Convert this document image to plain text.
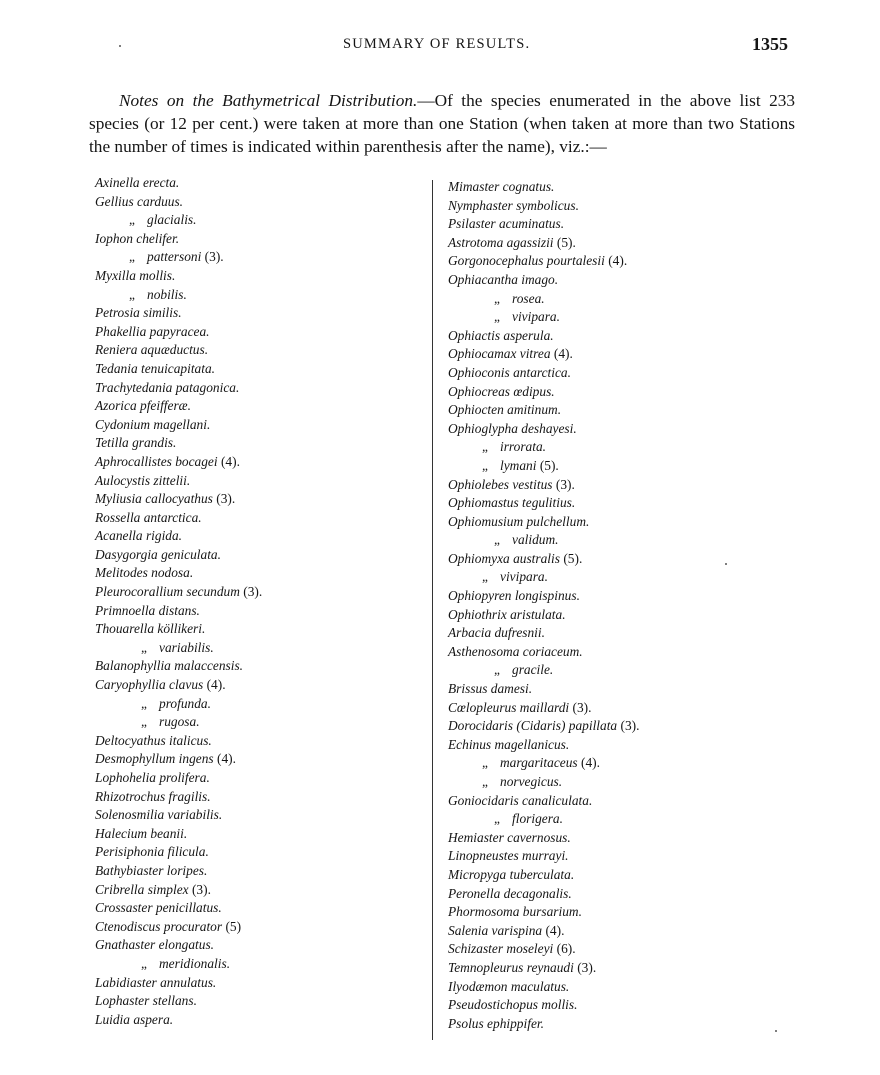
SUMMARY OF RESULTS.	1355

Notes on the Bathymetrical Distribution.—Of the species enumerated in the above list 233 species (or 12 per cent.) were taken at more than one Station (when taken at more than two Stations the number of times is indicated within parenthesis after the name), viz.:—

Axinella erecta.
Gellius carduus.
„ glacialis.
Iophon chelifer.
„ pattersoni (3).
Myxilla mollis.
„ nobilis.
Petrosia similis.
Phakellia papyracea.
Reniera aquæductus.
Tedania tenuicapitata.
Trachytedania patagonica.
Azorica pfeifferæ.
Cydonium magellani.
Tetilla grandis.
Aphrocallistes bocagei (4).
Aulocystis zittelii.
Myliusia callocyathus (3).
Rossella antarctica.
Acanella rigida.
Dasygorgia geniculata.
Melitodes nodosa.
Pleurocorallium secundum (3).
Primnoella distans.
Thouarella köllikeri.
„ variabilis.
Balanophyllia malaccensis.
Caryophyllia clavus (4).
„ profunda.
„ rugosa.
Deltocyathus italicus.
Desmophyllum ingens (4).
Lophohelia prolifera.
Rhizotrochus fragilis.
Solenosmilia variabilis.
Halecium beanii.
Perisiphonia filicula.
Bathybiaster loripes.
Cribrella simplex (3).
Crossaster penicillatus.
Ctenodiscus procurator (5)
Gnathaster elongatus.
„ meridionalis.
Labidiaster annulatus.
Lophaster stellans.
Luidia aspera.
Mimaster cognatus.
Nymphaster symbolicus.
Psilaster acuminatus.
Astrotoma agassizii (5).
Gorgonocephalus pourtalesii (4).
Ophiacantha imago.
„ rosea.
„ vivipara.
Ophiactis asperula.
Ophiocamax vitrea (4).
Ophioconis antarctica.
Ophiocreas œdipus.
Ophiocten amitinum.
Ophioglypha deshayesi.
„ irrorata.
„ lymani (5).
Ophiolebes vestitus (3).
Ophiomastus tegulitius.
Ophiomusium pulchellum.
„ validum.
Ophiomyxa australis (5).
„ vivipara.
Ophiopyren longispinus.
Ophiothrix aristulata.
Arbacia dufresnii.
Asthenosoma coriaceum.
„ gracile.
Brissus damesi.
Cœlopleurus maillardi (3).
Dorocidaris (Cidaris) papillata (3).
Echinus magellanicus.
„ margaritaceus (4).
„ norvegicus.
Goniocidaris canaliculata.
„ florigera.
Hemiaster cavernosus.
Linopneustes murrayi.
Micropyga tuberculata.
Peronella decagonalis.
Phormosoma bursarium.
Salenia varispina (4).
Schizaster moseleyi (6).
Temnopleurus reynaudi (3).
Ilyodæmon maculatus.
Pseudostichopus mollis.
Psolus ephippifer.
